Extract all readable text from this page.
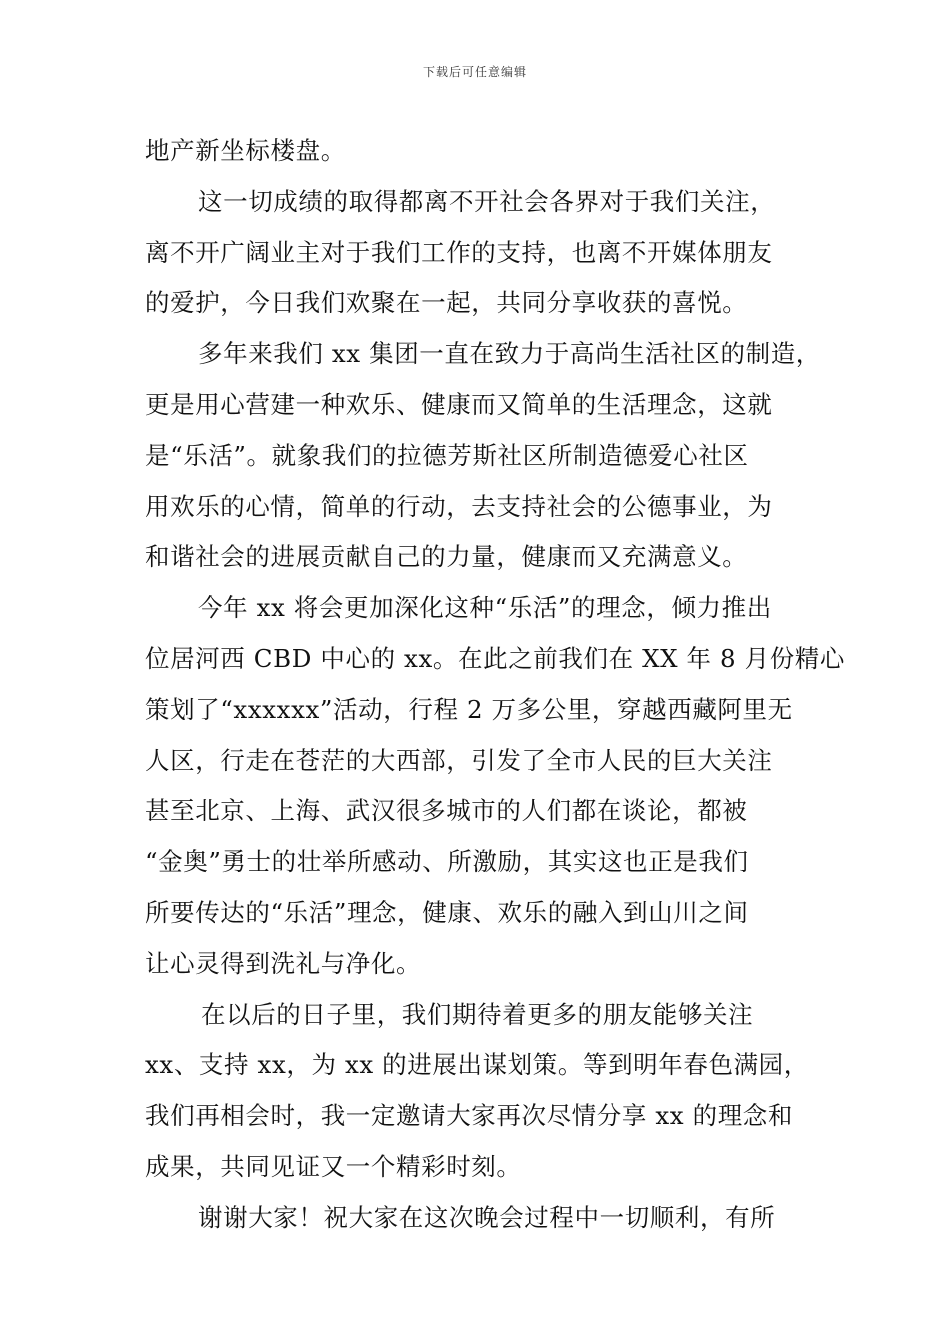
下载后可任意编辑
地产新坐标楼盘。
这一切成绩的取得都离不开社会各界对于我们关注，
离不开广阔业主对于我们工作的支持，也离不开媒体朋友
的爱护，今日我们欢聚在一起，共同分享收获的喜悦。
多年来我们 xx 集团一直在致力于高尚生活社区的制造，
更是用心营建一种欢乐、健康而又简单的生活理念，这就
是“乐活”。就象我们的拉德芳斯社区所制造德爱心社区
用欢乐的心情，简单的行动，去支持社会的公德事业，为
和谐社会的进展贡献自己的力量，健康而又充满意义。
今年 xx 将会更加深化这种“乐活”的理念，倾力推出
位居河西 CBD 中心的 xx。在此之前我们在 XX 年 8 月份精心
策划了“xxxxxx”活动，行程 2 万多公里，穿越西藏阿里无
人区，行走在苍茫的大西部，引发了全市人民的巨大关注
甚至北京、上海、武汉很多城市的人们都在谈论，都被
“金奥”勇士的壮举所感动、所激励，其实这也正是我们
所要传达的“乐活”理念，健康、欢乐的融入到山川之间
让心灵得到洗礼与净化。
在以后的日子里，我们期待着更多的朋友能够关注
xx、支持 xx，为 xx 的进展出谋划策。等到明年春色满园，
我们再相会时，我一定邀请大家再次尽情分享 xx 的理念和
成果，共同见证又一个精彩时刻。
谢谢大家！祝大家在这次晚会过程中一切顺利，有所
